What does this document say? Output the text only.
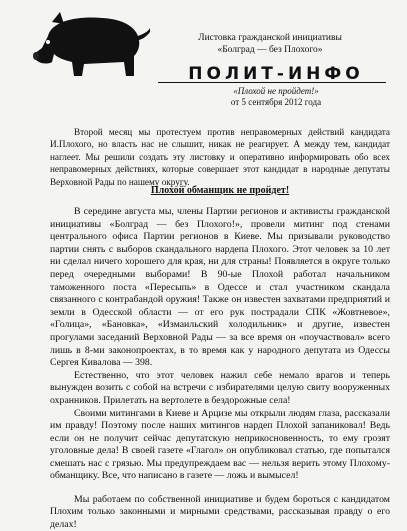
Листовка гражданской инициативы
«Болград — без Плохого»
ПОЛИТ-ИНФО
«Плохой не пройдет!»
от 5 сентября 2012 года
Второй месяц мы протестуем против неправомерных действий кандидата И.Плохого, но власть нас не слышит, никак не реагирует. А между тем, кандидат наглеет. Мы решили создать эту листовку и оперативно информировать обо всех неправомерных действиях, которые совершает этот кандидат в народные депутаты Верховной Рады по нашему округу.
Плохой обманщик не пройдет!

В середине августа мы, члены Партии регионов и активисты гражданской инициативы «Болград — без Плохого!», провели митинг под стенами центрального офиса Партии регионов в Киеве. Мы призывали руководство партии снять с выборов скандального нардепа Плохого. Этот человек за 10 лет ни сделал ничего хорошего для края, ни для страны! Появляется в округе только перед очередными выборами! В 90-ые Плохой работал начальником таможенного поста «Пересыпь» в Одессе и стал участником скандала связанного с контрабандой оружия! Также он известен захватами предприятий и земли в Одесской области — от его рук пострадали СПК «Жовтневое», «Голица», «Бановка», «Измаильский холодильник» и другие, известен прогулами заседаний Верховной Рады — за все время он «поучаствовал» всего лишь в 8-ми законопроектах, в то время как у народного депутата из Одессы Сергея Кивалова — 398.

Естественно, что этот человек нажил себе немало врагов и теперь вынужден возить с собой на встречи с избирателями целую свиту вооруженных охранников. Прилетать на вертолете в бездорожные села!

Своими митингами в Киеве и Арцизе мы открыли людям глаза, рассказали им правду! Поэтому после наших митингов нардеп Плохой запаниковал! Ведь если он не получит сейчас депутатскую неприкосновенность, то ему грозят уголовные дела! В своей газете «Глагол» он опубликовал статью, где попытался смешать нас с грязью. Мы предупреждаем вас — нельзя верить этому Плохому-обманщику. Все, что написано в газете — ложь и вымысел!

Мы работаем по собственной инициативе и будем бороться с кандидатом Плохим только законными и мирными средствами, рассказывая правду о его делах!
